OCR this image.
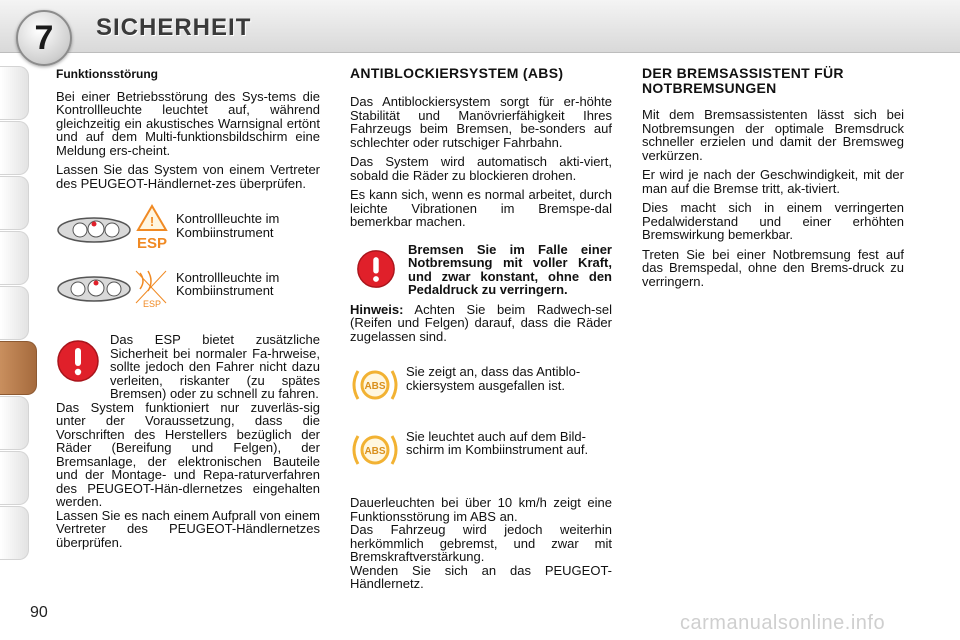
7	SICHERHEIT
Funktionsstörung

Bei einer Betriebsstörung des Sys-tems die Kontrollleuchte leuchtet auf, während gleichzeitig ein akustisches Warnsignal ertönt und auf dem Multi-funktionsbildschirm eine Meldung ers-cheint.

Lassen Sie das System von einem Vertreter des PEUGEOT-Händlernet-zes überprüfen.

!
ESP
Kontrollleuchte im Kombiinstrument
ESP
Kontrollleuchte im Kombiinstrument

Das ESP bietet zusätzliche Sicherheit bei normaler Fa-hrweise, sollte jedoch den Fahrer nicht dazu verleiten, riskanter (zu spätes Bremsen) oder zu schnell zu fahren.

Das System funktioniert nur zuverläs-sig unter der Voraussetzung, dass die Vorschriften des Herstellers bezüglich der Räder (Bereifung und Felgen), der Bremsanlage, der elektronischen Bauteile und der Montage- und Repa-raturverfahren des PEUGEOT-Hän-dlernetzes eingehalten werden.

Lassen Sie es nach einem Aufprall von einem Vertreter des PEUGEOT-Händlernetzes überprüfen.

ANTIBLOCKIERSYSTEM (ABS)

Das Antiblockiersystem sorgt für er-höhte Stabilität und Manövrierfähigkeit Ihres Fahrzeugs beim Bremsen, be-sonders auf schlechter oder rutschiger Fahrbahn.

Das System wird automatisch akti-viert, sobald die Räder zu blockieren drohen.

Es kann sich, wenn es normal arbeitet, durch leichte Vibrationen im Bremspe-dal bemerkbar machen.

Bremsen Sie im Falle einer Notbremsung mit voller Kraft, und zwar konstant, ohne den Pedaldruck zu verringern.

Hinweis: Achten Sie beim Radwech-sel (Reifen und Felgen) darauf, dass die Räder zugelassen sind.

ABS
Sie zeigt an, dass das Antiblo-ckiersystem ausgefallen ist.
ABS
Sie leuchtet auch auf dem Bild-schirm im Kombiinstrument auf.

Dauerleuchten bei über 10 km/h zeigt eine Funktionsstörung im ABS an.

Das Fahrzeug wird jedoch weiterhin herkömmlich gebremst, und zwar mit Bremskraftverstärkung.

Wenden Sie sich an das PEUGEOT-Händlernetz.

DER BREMSASSISTENT FÜR NOTBREMSUNGEN

Mit dem Bremsassistenten lässt sich bei Notbremsungen der optimale Bremsdruck schneller erzielen und damit der Bremsweg verkürzen.

Er wird je nach der Geschwindigkeit, mit der man auf die Bremse tritt, ak-tiviert.

Dies macht sich in einem verringerten Pedalwiderstand und einer erhöhten Bremswirkung bemerkbar.

Treten Sie bei einer Notbremsung fest auf das Bremspedal, ohne den Brems-druck zu verringern.

90	carmanualsonline.info
